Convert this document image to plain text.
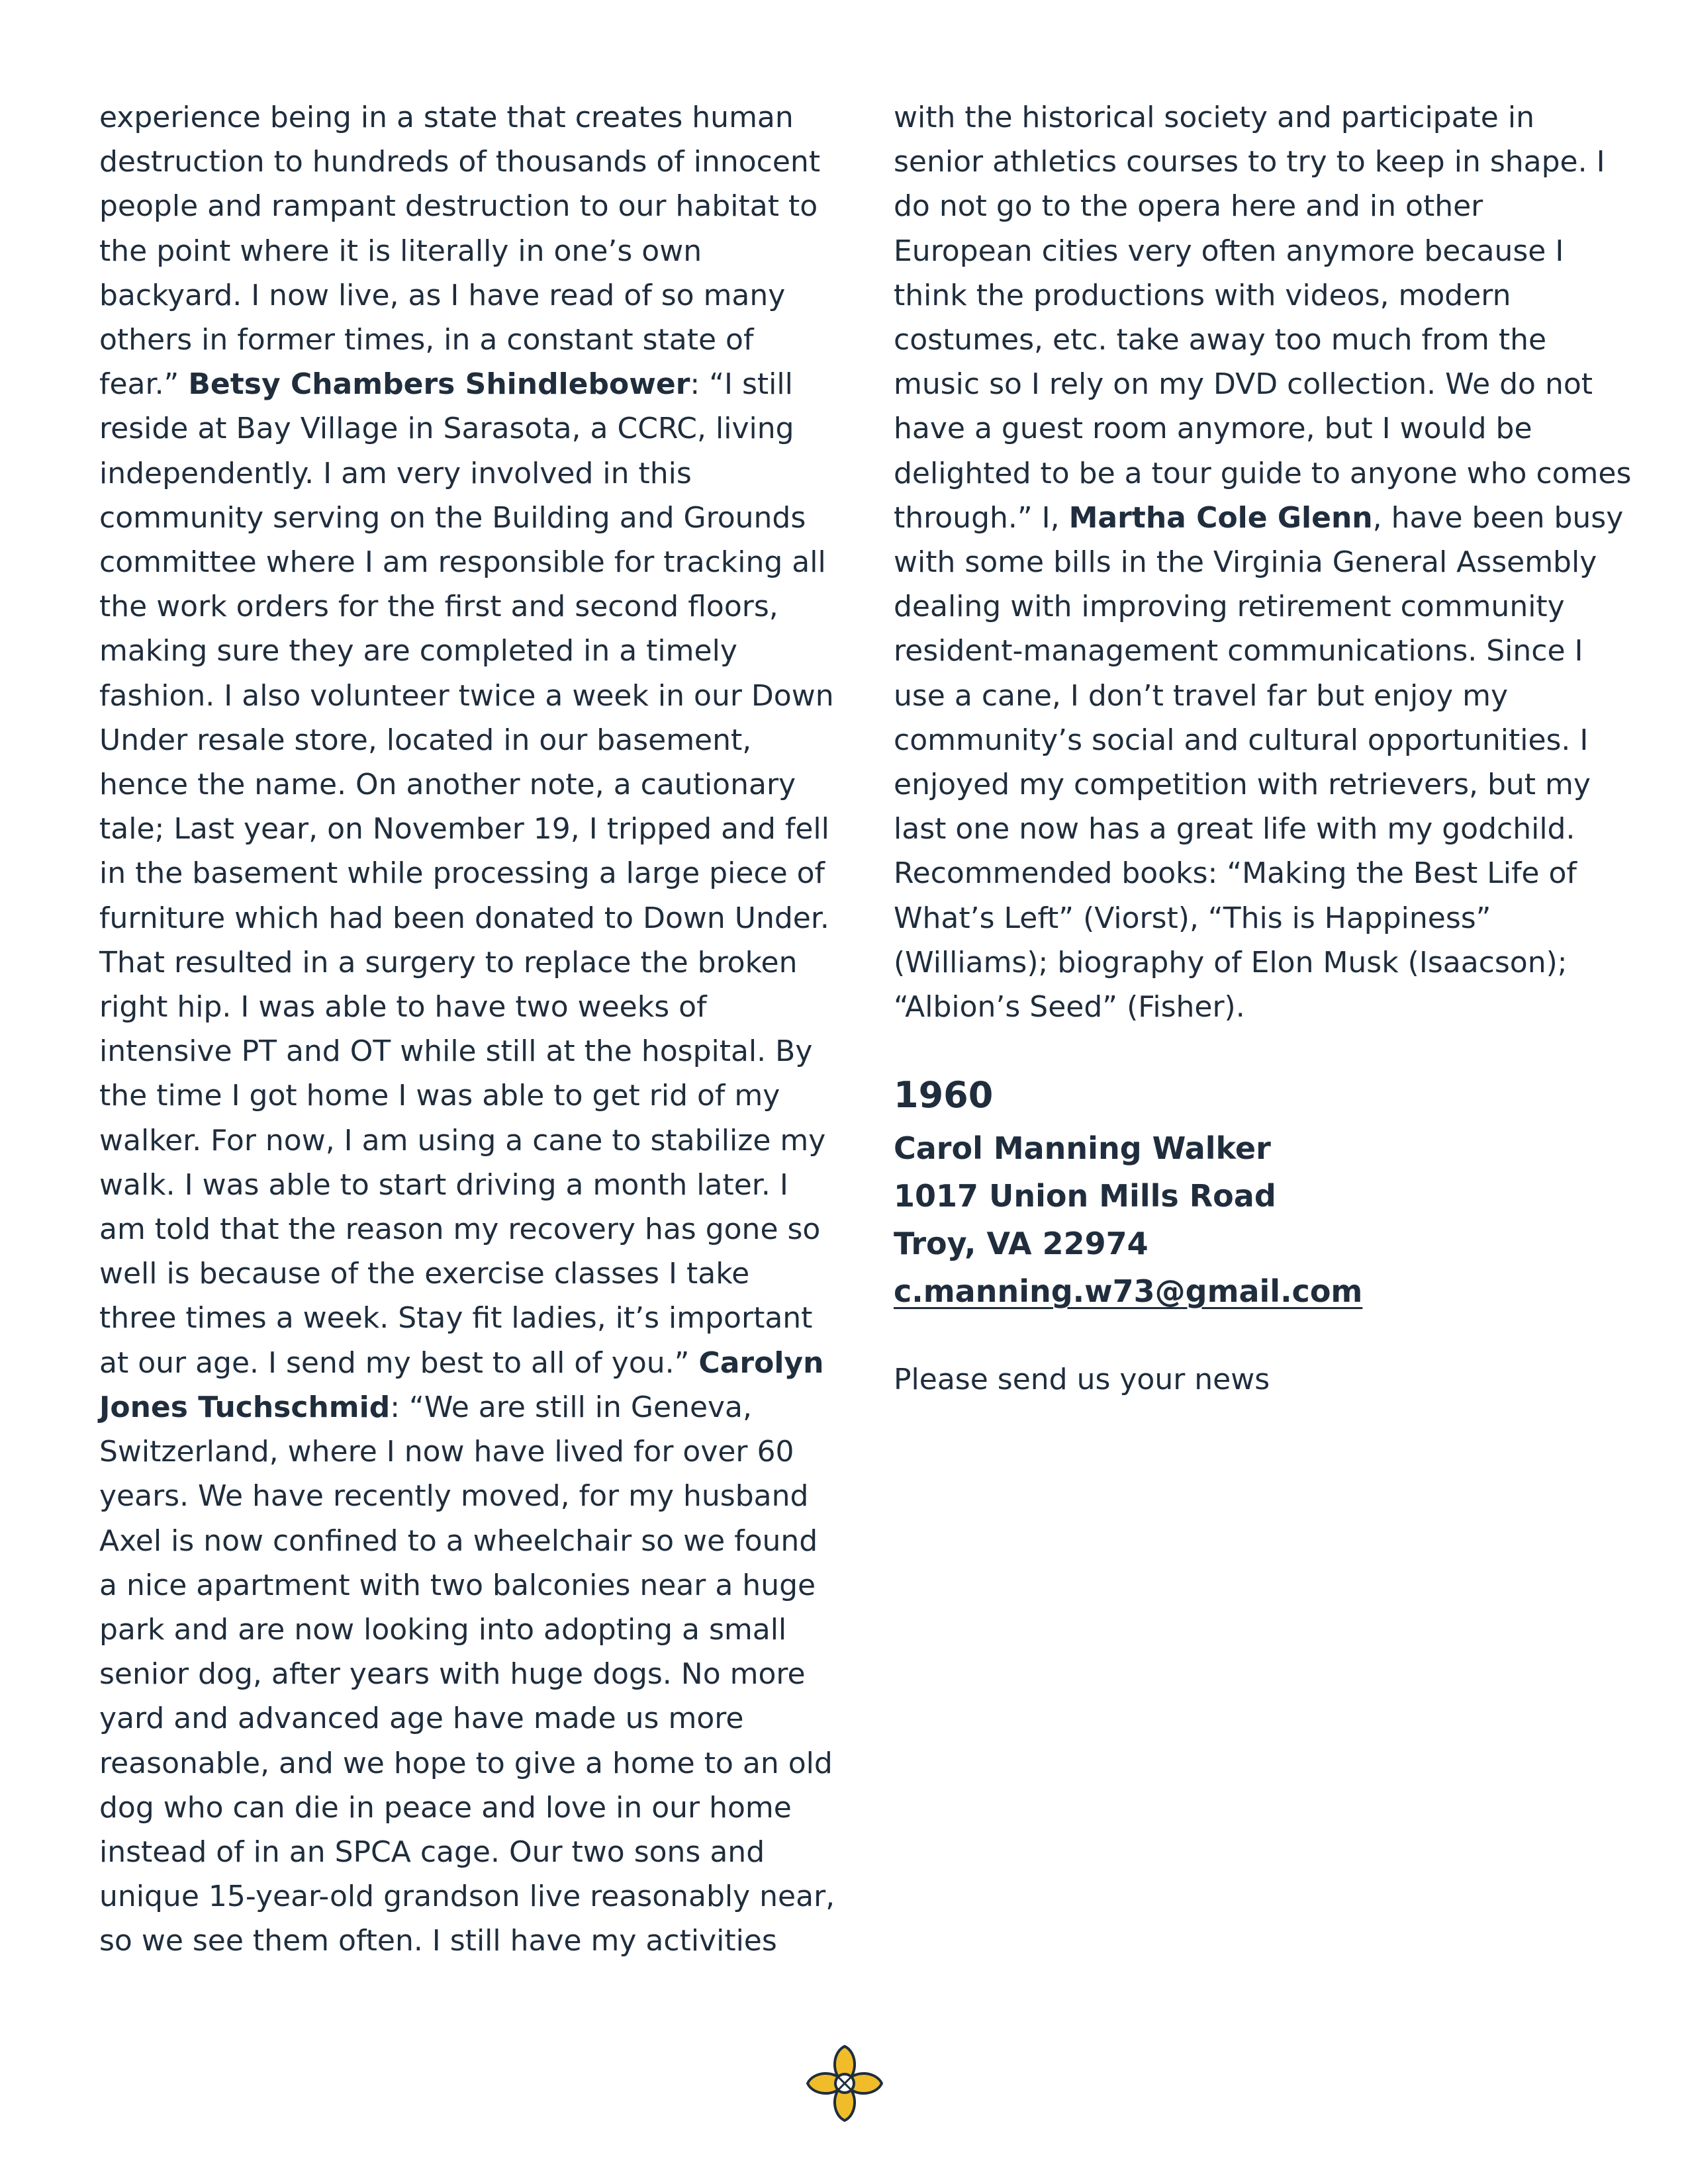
experience being in a state that creates human
destruction to hundreds of thousands of innocent
people and rampant destruction to our habitat to
the point where it is literally in one’s own
backyard. I now live, as I have read of so many
others in former times, in a constant state of
fear.” Betsy Chambers Shindlebower: “I still
reside at Bay Village in Sarasota, a CCRC, living
independently. I am very involved in this
community serving on the Building and Grounds
committee where I am responsible for tracking all
the work orders for the first and second floors,
making sure they are completed in a timely
fashion. I also volunteer twice a week in our Down
Under resale store, located in our basement,
hence the name. On another note, a cautionary
tale; Last year, on November 19, I tripped and fell
in the basement while processing a large piece of
furniture which had been donated to Down Under.
That resulted in a surgery to replace the broken
right hip. I was able to have two weeks of
intensive PT and OT while still at the hospital. By
the time I got home I was able to get rid of my
walker. For now, I am using a cane to stabilize my
walk. I was able to start driving a month later. I
am told that the reason my recovery has gone so
well is because of the exercise classes I take
three times a week. Stay fit ladies, it’s important
at our age. I send my best to all of you.” Carolyn
Jones Tuchschmid: “We are still in Geneva,
Switzerland, where I now have lived for over 60
years. We have recently moved, for my husband
Axel is now confined to a wheelchair so we found
a nice apartment with two balconies near a huge
park and are now looking into adopting a small
senior dog, after years with huge dogs. No more
yard and advanced age have made us more
reasonable, and we hope to give a home to an old
dog who can die in peace and love in our home
instead of in an SPCA cage. Our two sons and
unique 15-year-old grandson live reasonably near,
so we see them often. I still have my activities
with the historical society and participate in
senior athletics courses to try to keep in shape. I
do not go to the opera here and in other
European cities very often anymore because I
think the productions with videos, modern
costumes, etc. take away too much from the
music so I rely on my DVD collection. We do not
have a guest room anymore, but I would be
delighted to be a tour guide to anyone who comes
through.” I, Martha Cole Glenn, have been busy
with some bills in the Virginia General Assembly
dealing with improving retirement community
resident-management communications. Since I
use a cane, I don’t travel far but enjoy my
community’s social and cultural opportunities. I
enjoyed my competition with retrievers, but my
last one now has a great life with my godchild.
Recommended books: “Making the Best Life of
What’s Left” (Viorst), “This is Happiness”
(Williams); biography of Elon Musk (Isaacson);
“Albion’s Seed” (Fisher).
1960
Carol Manning Walker
1017 Union Mills Road
Troy, VA 22974
c.manning.w73@gmail.com
Please send us your news
